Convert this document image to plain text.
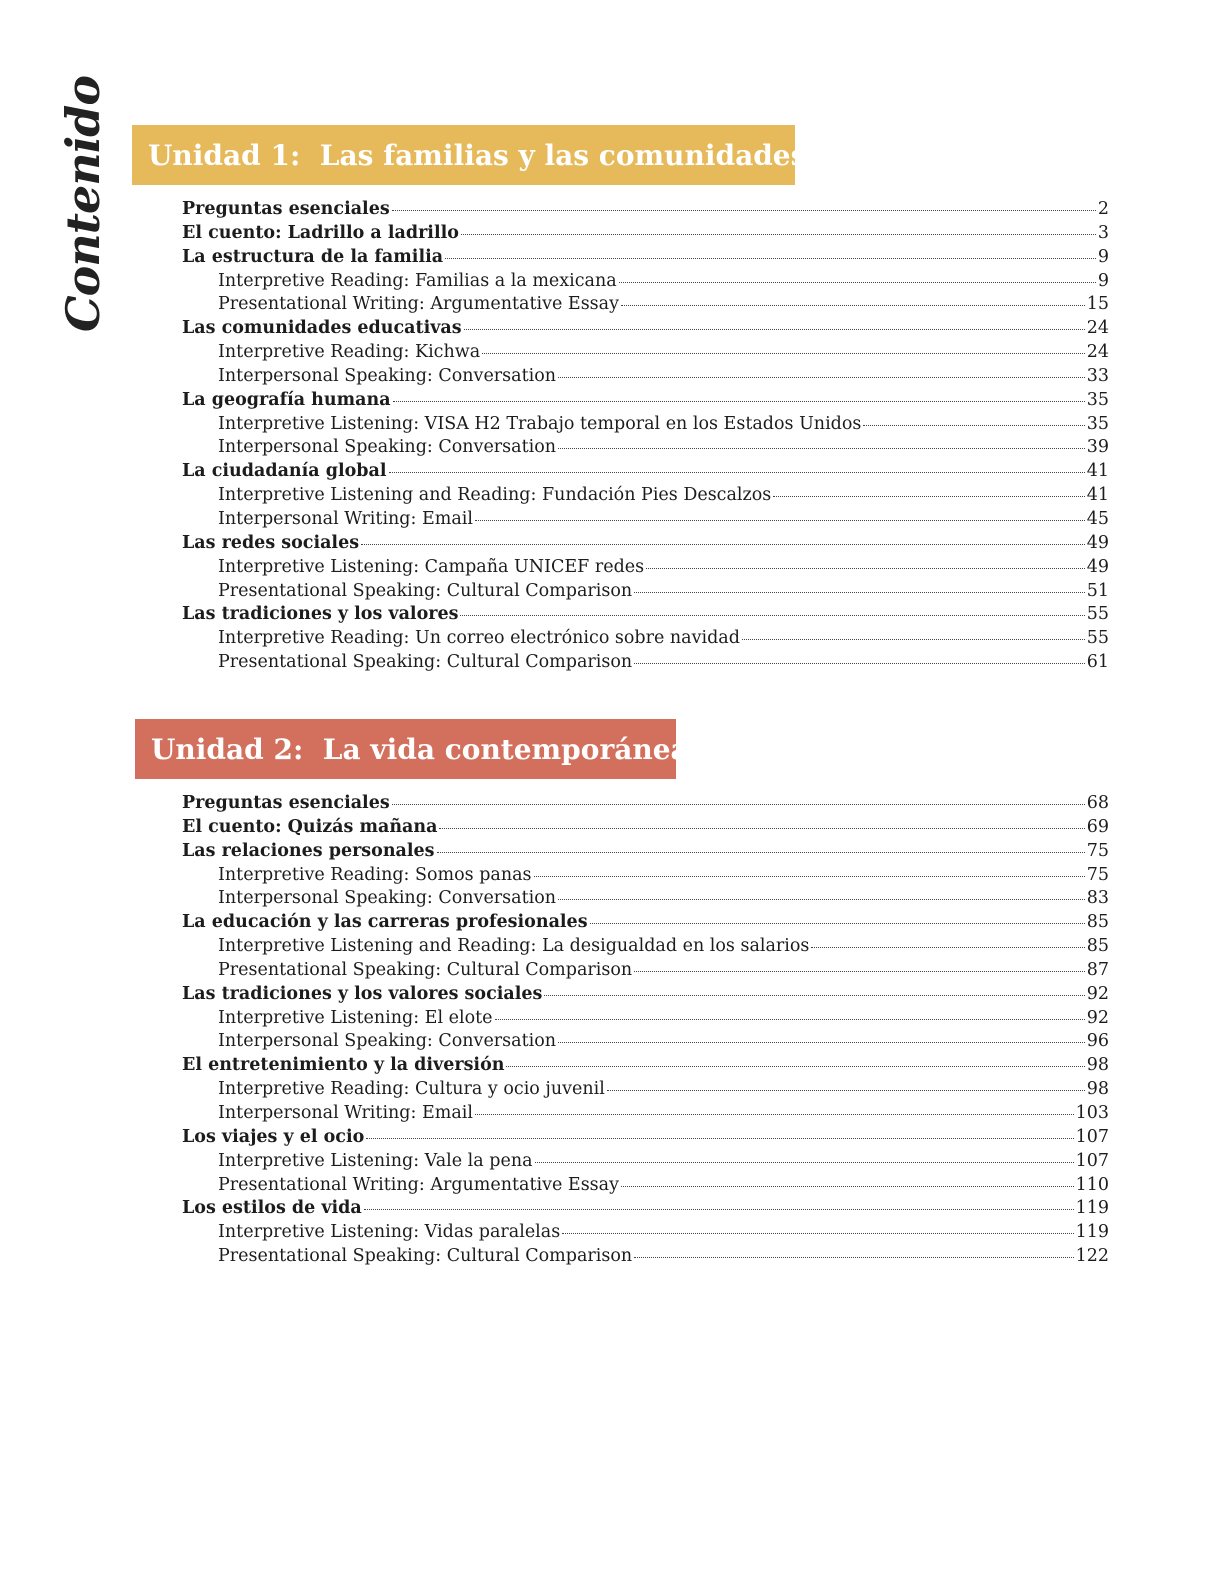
Contenido	Unidad 1:  Las familias y las comunidades
Preguntas esenciales	2
El cuento: Ladrillo a ladrillo	3
La estructura de la familia	9
Interpretive Reading: Familias a la mexicana	9
Presentational Writing: Argumentative Essay	15
Las comunidades educativas	24
Interpretive Reading: Kichwa	24
Interpersonal Speaking: Conversation	33
La geografía humana	35
Interpretive Listening: VISA H2 Trabajo temporal en los Estados Unidos	35
Interpersonal Speaking: Conversation	39
La ciudadanía global	41
Interpretive Listening and Reading: Fundación Pies Descalzos	41
Interpersonal Writing: Email	45
Las redes sociales	49
Interpretive Listening: Campaña UNICEF redes	49
Presentational Speaking: Cultural Comparison	51
Las tradiciones y los valores	55
Interpretive Reading: Un correo electrónico sobre navidad	55
Presentational Speaking: Cultural Comparison	61
Unidad 2:  La vida contemporánea
Preguntas esenciales	68
El cuento: Quizás mañana	69
Las relaciones personales	75
Interpretive Reading: Somos panas	75
Interpersonal Speaking: Conversation	83
La educación y las carreras profesionales	85
Interpretive Listening and Reading: La desigualdad en los salarios	85
Presentational Speaking: Cultural Comparison	87
Las tradiciones y los valores sociales	92
Interpretive Listening: El elote	92
Interpersonal Speaking: Conversation	96
El entretenimiento y la diversión	98
Interpretive Reading: Cultura y ocio juvenil	98
Interpersonal Writing: Email	103
Los viajes y el ocio	107
Interpretive Listening: Vale la pena	107
Presentational Writing: Argumentative Essay	110
Los estilos de vida	119
Interpretive Listening: Vidas paralelas	119
Presentational Speaking: Cultural Comparison	122
